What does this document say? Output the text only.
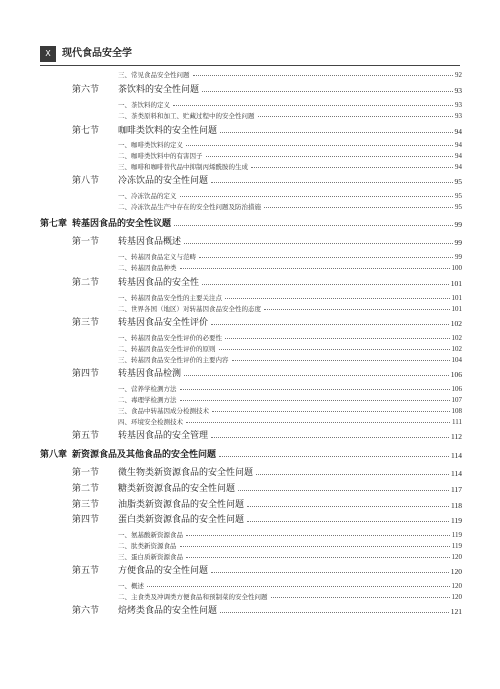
X	现代食品安全学
三、常见食品安全性问题	92
第六节	茶饮料的安全性问题	93
一、茶饮料的定义	93
二、茶类原料和加工、贮藏过程中的安全性问题	93
第七节	咖啡类饮料的安全性问题	94
一、咖啡类饮料的定义	94
二、咖啡类饮料中的有害因子	94
三、咖啡和咖啡替代品中抑制丙烯酰胺的生成	94
第八节	冷冻饮品的安全性问题	95
一、冷冻饮品的定义	95
二、冷冻饮品生产中存在的安全性问题及防治措施	95
第七章 转基因食品的安全性议题	99
第一节	转基因食品概述	99
一、转基因食品定义与范畴	99
二、转基因食品种类	100
第二节	转基因食品的安全性	101
一、转基因食品安全性的主要关注点	101
二、世界各国（地区）对转基因食品安全性的态度	101
第三节	转基因食品安全性评价	102
一、转基因食品安全性评价的必要性	102
二、转基因食品安全性评价的原则	102
三、转基因食品安全性评价的主要内容	104
第四节	转基因食品检测	106
一、营养学检测方法	106
二、毒理学检测方法	107
三、食品中转基因成分检测技术	108
四、环境安全检测技术	111
第五节	转基因食品的安全管理	112
第八章 新资源食品及其他食品的安全性问题	114
第一节	微生物类新资源食品的安全性问题	114
第二节	糖类新资源食品的安全性问题	117
第三节	油脂类新资源食品的安全性问题	118
第四节	蛋白类新资源食品的安全性问题	119
一、氨基酸新资源食品	119
二、肽类新资源食品	119
三、蛋白质新资源食品	120
第五节	方便食品的安全性问题	120
一、概述	120
二、主食类及冲调类方便食品和预制菜的安全性问题	120
第六节	焙烤类食品的安全性问题	121
